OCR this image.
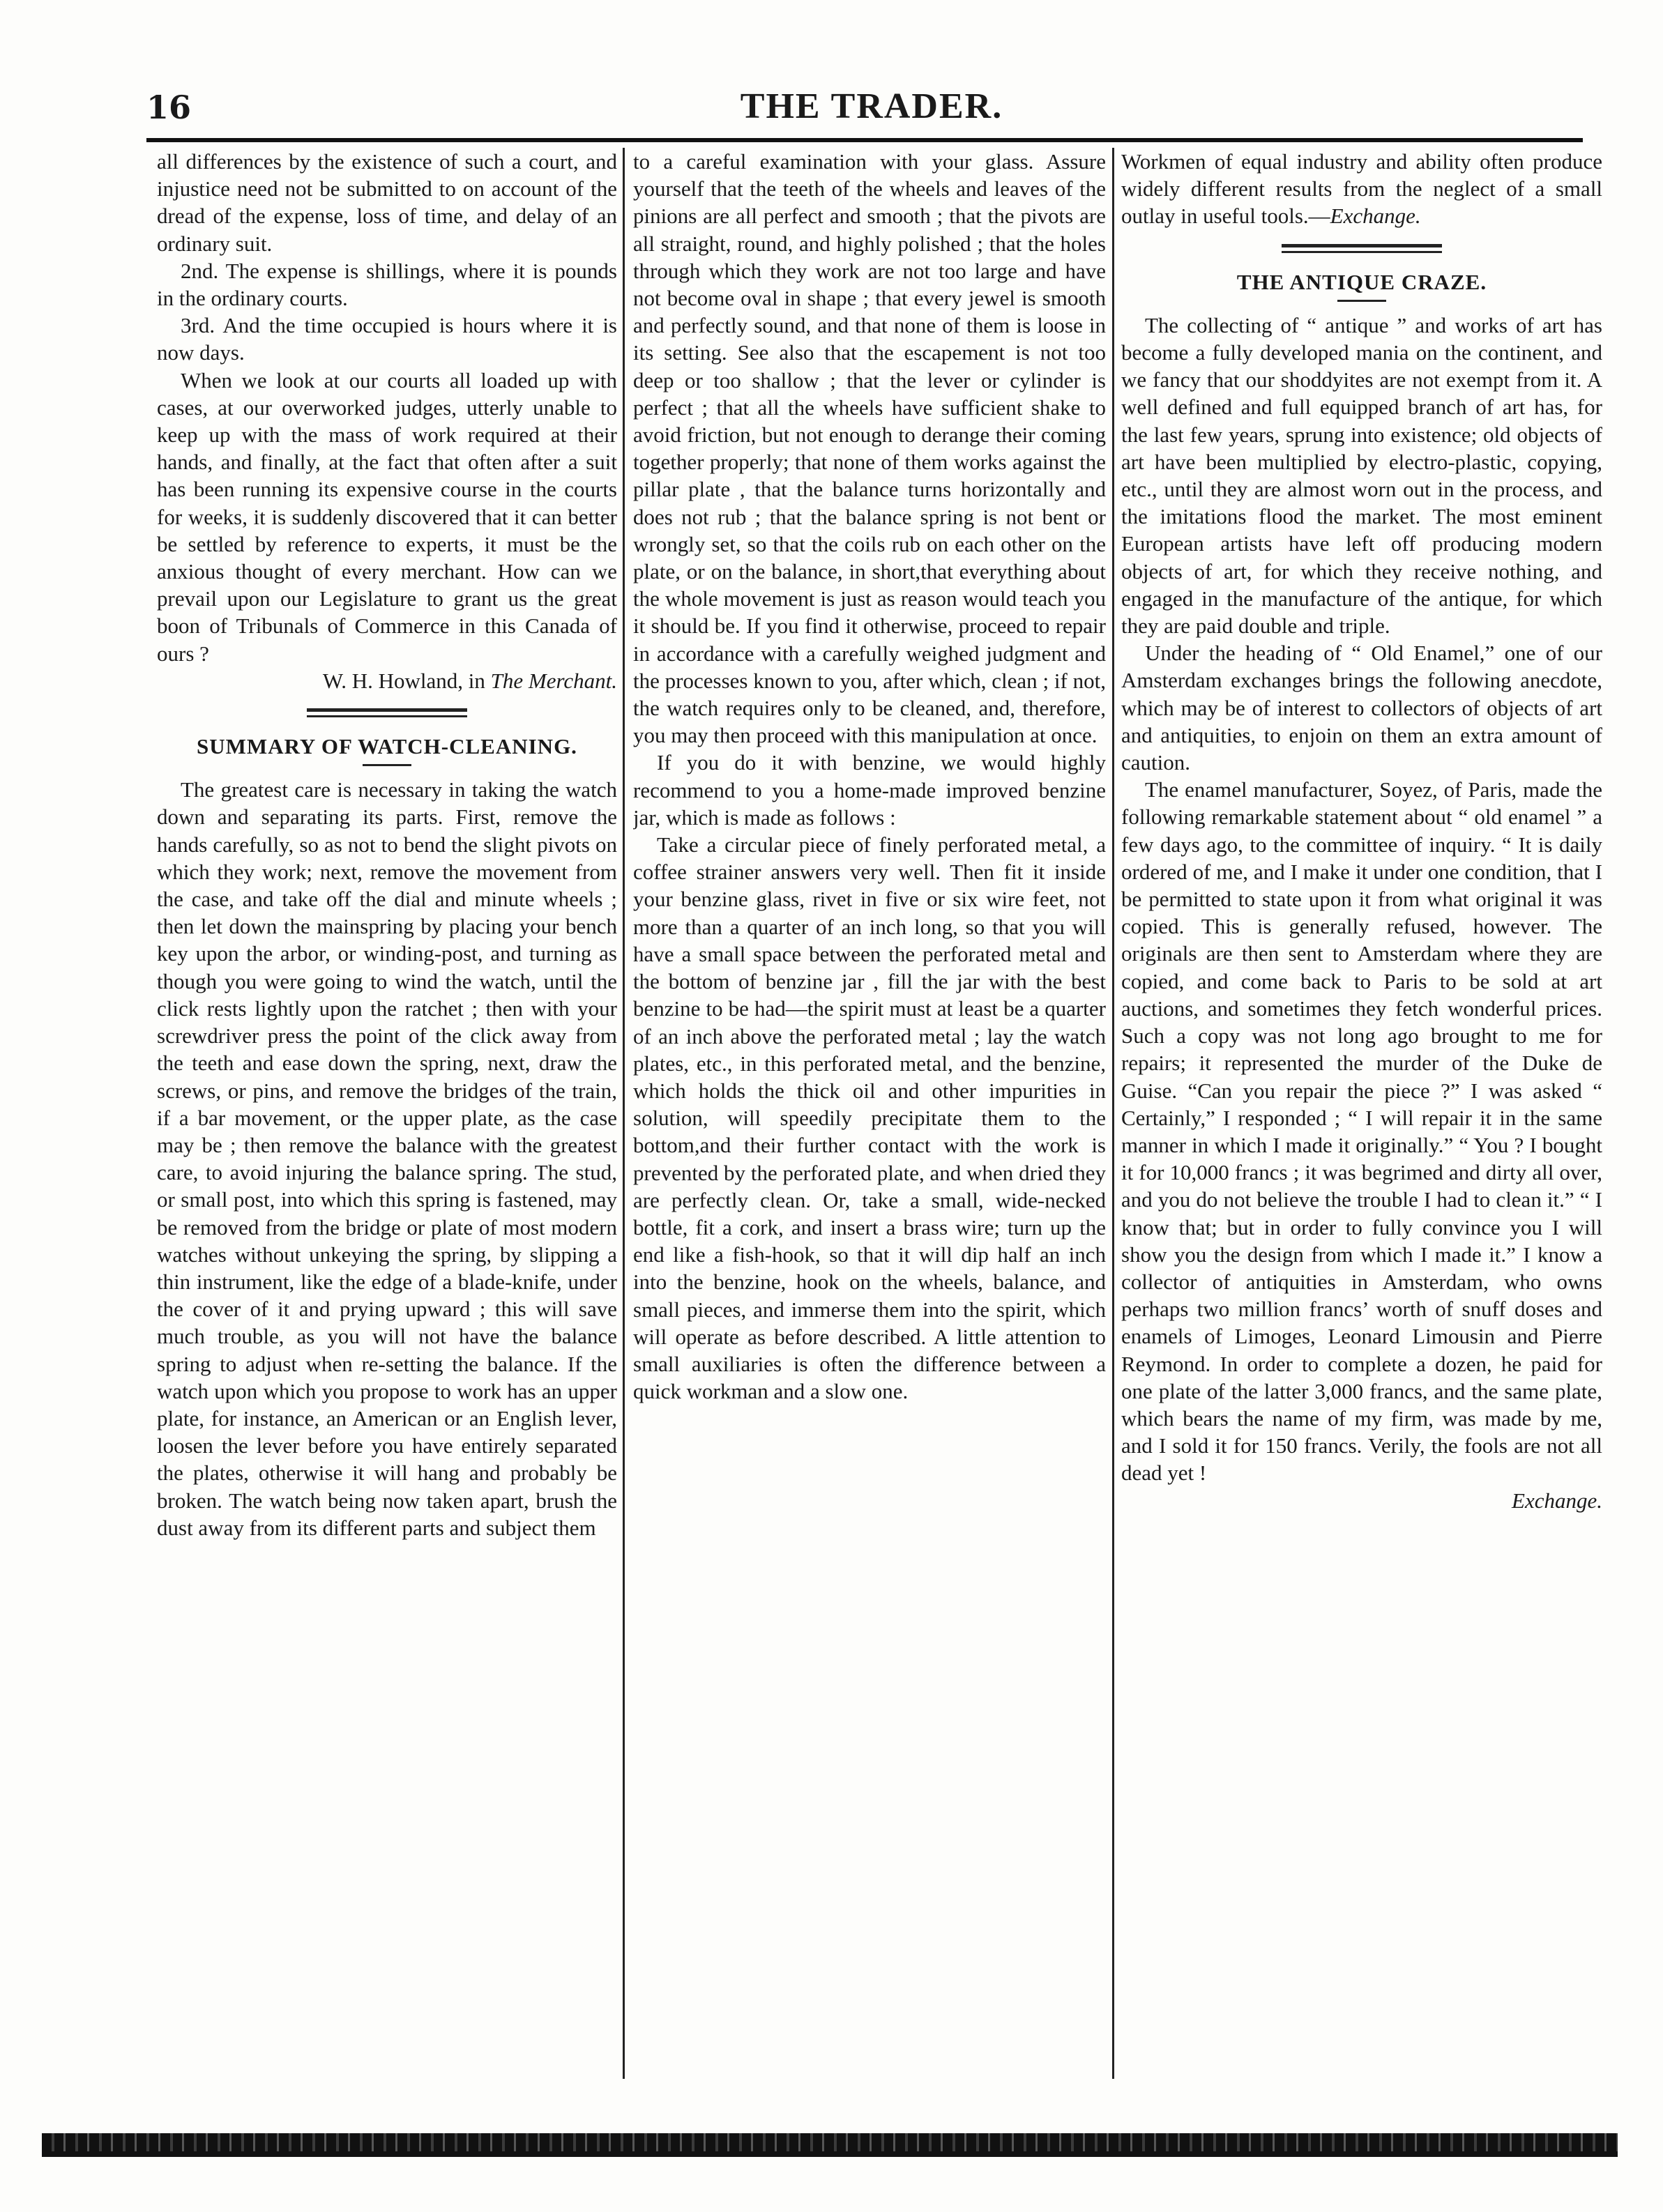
16	THE TRADER.

all differences by the existence of such a court, and injustice need not be submitted to on account of the dread of the expense, loss of time, and delay of an ordinary suit.

2nd. The expense is shillings, where it is pounds in the ordinary courts.

3rd. And the time occupied is hours where it is now days.

When we look at our courts all loaded up with cases, at our overworked judges, utterly unable to keep up with the mass of work required at their hands, and finally, at the fact that often after a suit has been running its expensive course in the courts for weeks, it is suddenly discovered that it can better be settled by reference to experts, it must be the anxious thought of every merchant. How can we prevail upon our Legislature to grant us the great boon of Tribunals of Commerce in this Canada of ours ?

W. H. Howland, in The Merchant.

SUMMARY OF WATCH-CLEANING.

The greatest care is necessary in taking the watch down and separating its parts. First, remove the hands carefully, so as not to bend the slight pivots on which they work; next, remove the movement from the case, and take off the dial and minute wheels ; then let down the mainspring by placing your bench key upon the arbor, or winding-post, and turning as though you were going to wind the watch, until the click rests lightly upon the ratchet ; then with your screwdriver press the point of the click away from the teeth and ease down the spring, next, draw the screws, or pins, and remove the bridges of the train, if a bar movement, or the upper plate, as the case may be ; then remove the balance with the greatest care, to avoid injuring the balance spring. The stud, or small post, into which this spring is fastened, may be removed from the bridge or plate of most modern watches without unkeying the spring, by slipping a thin instrument, like the edge of a blade-knife, under the cover of it and prying upward ; this will save much trouble, as you will not have the balance spring to adjust when re-setting the balance. If the watch upon which you propose to work has an upper plate, for instance, an American or an English lever, loosen the lever before you have entirely separated the plates, otherwise it will hang and probably be broken. The watch being now taken apart, brush the dust away from its different parts and subject them

to a careful examination with your glass. Assure yourself that the teeth of the wheels and leaves of the pinions are all perfect and smooth ; that the pivots are all straight, round, and highly polished ; that the holes through which they work are not too large and have not become oval in shape ; that every jewel is smooth and perfectly sound, and that none of them is loose in its setting. See also that the escapement is not too deep or too shallow ; that the lever or cylinder is perfect ; that all the wheels have sufficient shake to avoid friction, but not enough to derange their coming together properly; that none of them works against the pillar plate , that the balance turns horizontally and does not rub ; that the balance spring is not bent or wrongly set, so that the coils rub on each other on the plate, or on the balance, in short,that everything about the whole movement is just as reason would teach you it should be. If you find it otherwise, proceed to repair in accordance with a carefully weighed judgment and the processes known to you, after which, clean ; if not, the watch requires only to be cleaned, and, therefore, you may then proceed with this manipulation at once.

If you do it with benzine, we would highly recommend to you a home-made improved benzine jar, which is made as follows :

Take a circular piece of finely perforated metal, a coffee strainer answers very well. Then fit it inside your benzine glass, rivet in five or six wire feet, not more than a quarter of an inch long, so that you will have a small space between the perforated metal and the bottom of benzine jar , fill the jar with the best benzine to be had—the spirit must at least be a quarter of an inch above the perforated metal ; lay the watch plates, etc., in this perforated metal, and the benzine, which holds the thick oil and other impurities in solution, will speedily precipitate them to the bottom,and their further contact with the work is prevented by the perforated plate, and when dried they are perfectly clean. Or, take a small, wide-necked bottle, fit a cork, and insert a brass wire; turn up the end like a fish-hook, so that it will dip half an inch into the benzine, hook on the wheels, balance, and small pieces, and immerse them into the spirit, which will operate as before described. A little attention to small auxiliaries is often the difference between a quick workman and a slow one.

Workmen of equal industry and ability often produce widely different results from the neglect of a small outlay in useful tools.—Exchange.

THE ANTIQUE CRAZE.

The collecting of “ antique ” and works of art has become a fully developed mania on the continent, and we fancy that our shoddyites are not exempt from it. A well defined and full equipped branch of art has, for the last few years, sprung into existence; old objects of art have been multiplied by electro-plastic, copying, etc., until they are almost worn out in the process, and the imitations flood the market. The most eminent European artists have left off producing modern objects of art, for which they receive nothing, and engaged in the manufacture of the antique, for which they are paid double and triple.

Under the heading of “ Old Enamel,” one of our Amsterdam exchanges brings the following anecdote, which may be of interest to collectors of objects of art and antiquities, to enjoin on them an extra amount of caution.

The enamel manufacturer, Soyez, of Paris, made the following remarkable statement about “ old enamel ” a few days ago, to the committee of inquiry. “ It is daily ordered of me, and I make it under one condition, that I be permitted to state upon it from what original it was copied. This is generally refused, however. The originals are then sent to Amsterdam where they are copied, and come back to Paris to be sold at art auctions, and sometimes they fetch wonderful prices. Such a copy was not long ago brought to me for repairs; it represented the murder of the Duke de Guise. “Can you repair the piece ?” I was asked “ Certainly,” I responded ; “ I will repair it in the same manner in which I made it originally.” “ You ? I bought it for 10,000 francs ; it was begrimed and dirty all over, and you do not believe the trouble I had to clean it.” “ I know that; but in order to fully convince you I will show you the design from which I made it.” I know a collector of antiquities in Amsterdam, who owns perhaps two million francs’ worth of snuff doses and enamels of Limoges, Leonard Limousin and Pierre Reymond. In order to complete a dozen, he paid for one plate of the latter 3,000 francs, and the same plate, which bears the name of my firm, was made by me, and I sold it for 150 francs. Verily, the fools are not all dead yet !

Exchange.
